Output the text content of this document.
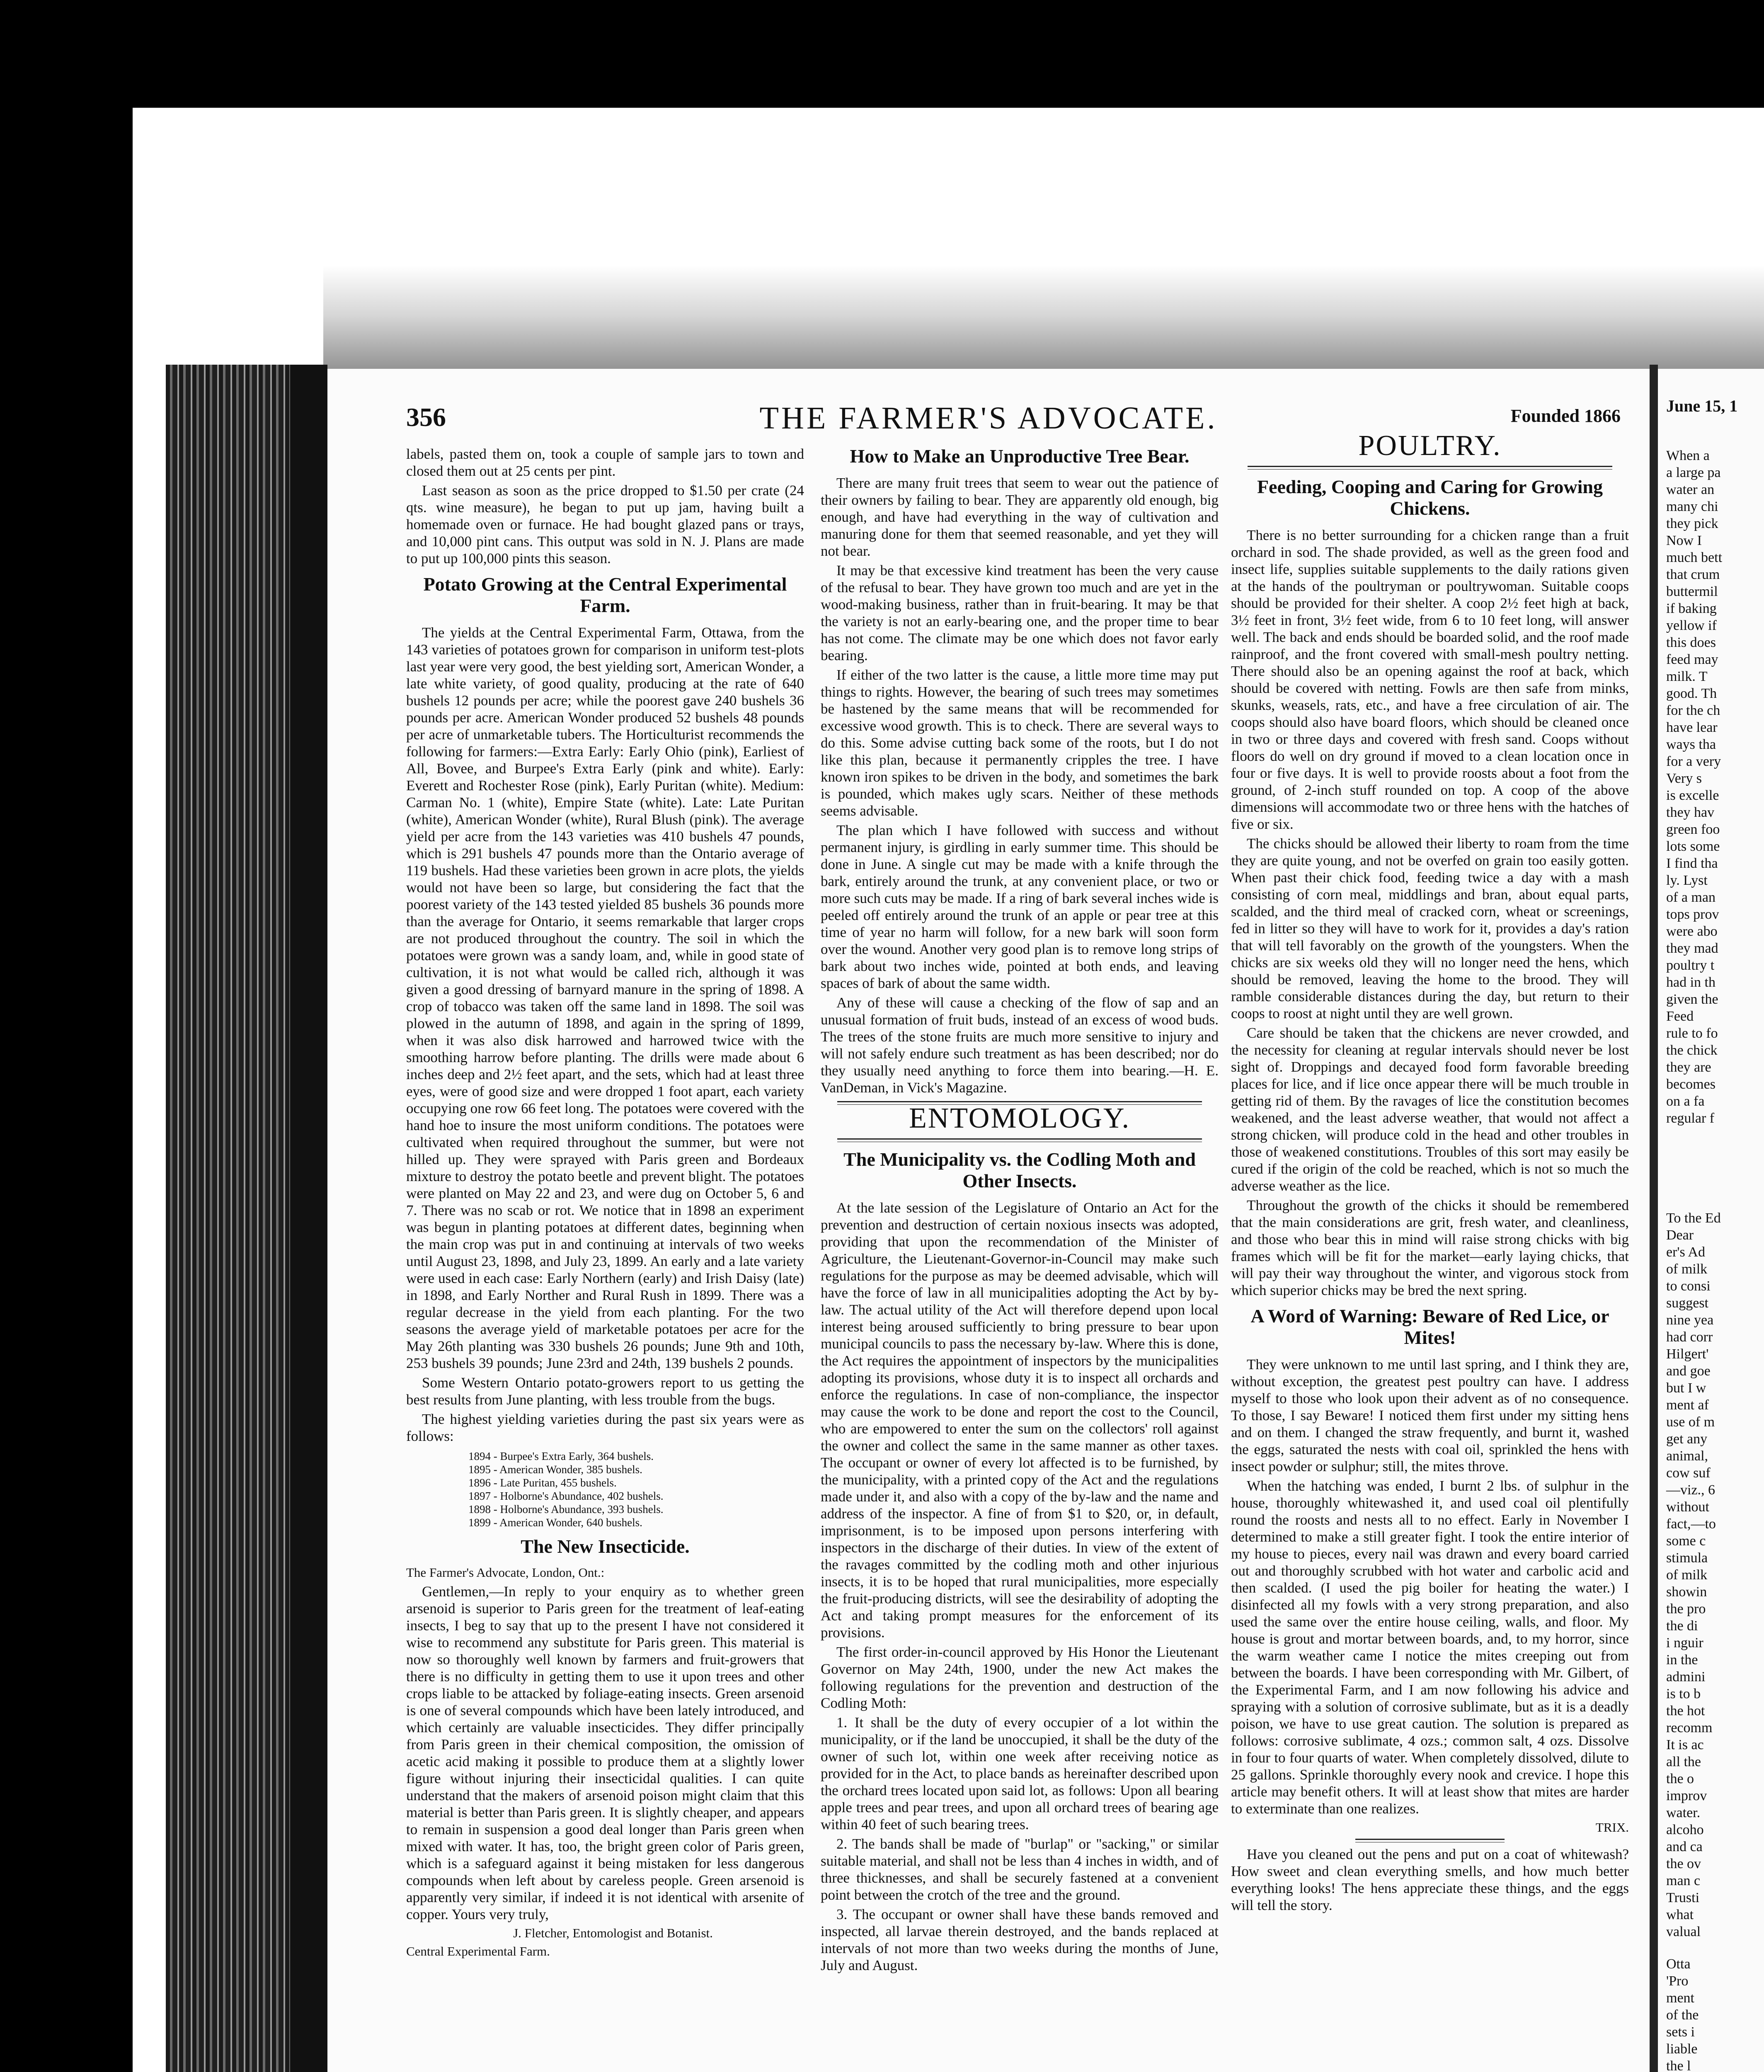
356	THE FARMER'S ADVOCATE.	Founded 1866

labels, pasted them on, took a couple of sample jars to town and closed them out at 25 cents per pint.

Last season as soon as the price dropped to $1.50 per crate (24 qts. wine measure), he began to put up jam, having built a homemade oven or furnace. He had bought glazed pans or trays, and 10,000 pint cans. This output was sold in N. J. Plans are made to put up 100,000 pints this season.

Potato Growing at the Central Experimental Farm.

The yields at the Central Experimental Farm, Ottawa, from the 143 varieties of potatoes grown for comparison in uniform test-plots last year were very good, the best yielding sort, American Wonder, a late white variety, of good quality, producing at the rate of 640 bushels 12 pounds per acre; while the poorest gave 240 bushels 36 pounds per acre. American Wonder produced 52 bushels 48 pounds per acre of unmarketable tubers. The Horticulturist recommends the following for farmers:—Extra Early: Early Ohio (pink), Earliest of All, Bovee, and Burpee's Extra Early (pink and white). Early: Everett and Rochester Rose (pink), Early Puritan (white). Medium: Carman No. 1 (white), Empire State (white). Late: Late Puritan (white), American Wonder (white), Rural Blush (pink). The average yield per acre from the 143 varieties was 410 bushels 47 pounds, which is 291 bushels 47 pounds more than the Ontario average of 119 bushels. Had these varieties been grown in acre plots, the yields would not have been so large, but considering the fact that the poorest variety of the 143 tested yielded 85 bushels 36 pounds more than the average for Ontario, it seems remarkable that larger crops are not produced throughout the country. The soil in which the potatoes were grown was a sandy loam, and, while in good state of cultivation, it is not what would be called rich, although it was given a good dressing of barnyard manure in the spring of 1898. A crop of tobacco was taken off the same land in 1898. The soil was plowed in the autumn of 1898, and again in the spring of 1899, when it was also disk harrowed and harrowed twice with the smoothing harrow before planting. The drills were made about 6 inches deep and 2½ feet apart, and the sets, which had at least three eyes, were of good size and were dropped 1 foot apart, each variety occupying one row 66 feet long. The potatoes were covered with the hand hoe to insure the most uniform conditions. The potatoes were cultivated when required throughout the summer, but were not hilled up. They were sprayed with Paris green and Bordeaux mixture to destroy the potato beetle and prevent blight. The potatoes were planted on May 22 and 23, and were dug on October 5, 6 and 7. There was no scab or rot. We notice that in 1898 an experiment was begun in planting potatoes at different dates, beginning when the main crop was put in and continuing at intervals of two weeks until August 23, 1898, and July 23, 1899. An early and a late variety were used in each case: Early Northern (early) and Irish Daisy (late) in 1898, and Early Norther and Rural Rush in 1899. There was a regular decrease in the yield from each planting. For the two seasons the average yield of marketable potatoes per acre for the May 26th planting was 330 bushels 26 pounds; June 9th and 10th, 253 bushels 39 pounds; June 23rd and 24th, 139 bushels 2 pounds.

Some Western Ontario potato-growers report to us getting the best results from June planting, with less trouble from the bugs.

The highest yielding varieties during the past six years were as follows:

1894 - Burpee's Extra Early, 364 bushels.
1895 - American Wonder, 385 bushels.
1896 - Late Puritan, 455 bushels.
1897 - Holborne's Abundance, 402 bushels.
1898 - Holborne's Abundance, 393 bushels.
1899 - American Wonder, 640 bushels.
The New Insecticide.

The Farmer's Advocate, London, Ont.:

Gentlemen,—In reply to your enquiry as to whether green arsenoid is superior to Paris green for the treatment of leaf-eating insects, I beg to say that up to the present I have not considered it wise to recommend any substitute for Paris green. This material is now so thoroughly well known by farmers and fruit-growers that there is no difficulty in getting them to use it upon trees and other crops liable to be attacked by foliage-eating insects. Green arsenoid is one of several compounds which have been lately introduced, and which certainly are valuable insecticides. They differ principally from Paris green in their chemical composition, the omission of acetic acid making it possible to produce them at a slightly lower figure without injuring their insecticidal qualities. I can quite understand that the makers of arsenoid poison might claim that this material is better than Paris green. It is slightly cheaper, and appears to remain in suspension a good deal longer than Paris green when mixed with water. It has, too, the bright green color of Paris green, which is a safeguard against it being mistaken for less dangerous compounds when left about by careless people. Green arsenoid is apparently very similar, if indeed it is not identical with arsenite of copper. Yours very truly,

J. Fletcher, Entomologist and Botanist.

Central Experimental Farm.

How to Make an Unproductive Tree Bear.

There are many fruit trees that seem to wear out the patience of their owners by failing to bear. They are apparently old enough, big enough, and have had everything in the way of cultivation and manuring done for them that seemed reasonable, and yet they will not bear.

It may be that excessive kind treatment has been the very cause of the refusal to bear. They have grown too much and are yet in the wood-making business, rather than in fruit-bearing. It may be that the variety is not an early-bearing one, and the proper time to bear has not come. The climate may be one which does not favor early bearing.

If either of the two latter is the cause, a little more time may put things to rights. However, the bearing of such trees may sometimes be hastened by the same means that will be recommended for excessive wood growth. This is to check. There are several ways to do this. Some advise cutting back some of the roots, but I do not like this plan, because it permanently cripples the tree. I have known iron spikes to be driven in the body, and sometimes the bark is pounded, which makes ugly scars. Neither of these methods seems advisable.

The plan which I have followed with success and without permanent injury, is girdling in early summer time. This should be done in June. A single cut may be made with a knife through the bark, entirely around the trunk, at any convenient place, or two or more such cuts may be made. If a ring of bark several inches wide is peeled off entirely around the trunk of an apple or pear tree at this time of year no harm will follow, for a new bark will soon form over the wound. Another very good plan is to remove long strips of bark about two inches wide, pointed at both ends, and leaving spaces of bark of about the same width.

Any of these will cause a checking of the flow of sap and an unusual formation of fruit buds, instead of an excess of wood buds. The trees of the stone fruits are much more sensitive to injury and will not safely endure such treatment as has been described; nor do they usually need anything to force them into bearing.—H. E. VanDeman, in Vick's Magazine.

ENTOMOLOGY.
The Municipality vs. the Codling Moth and Other Insects.

At the late session of the Legislature of Ontario an Act for the prevention and destruction of certain noxious insects was adopted, providing that upon the recommendation of the Minister of Agriculture, the Lieutenant-Governor-in-Council may make such regulations for the purpose as may be deemed advisable, which will have the force of law in all municipalities adopting the Act by by-law. The actual utility of the Act will therefore depend upon local interest being aroused sufficiently to bring pressure to bear upon municipal councils to pass the necessary by-law. Where this is done, the Act requires the appointment of inspectors by the municipalities adopting its provisions, whose duty it is to inspect all orchards and enforce the regulations. In case of non-compliance, the inspector may cause the work to be done and report the cost to the Council, who are empowered to enter the sum on the collectors' roll against the owner and collect the same in the same manner as other taxes. The occupant or owner of every lot affected is to be furnished, by the municipality, with a printed copy of the Act and the regulations made under it, and also with a copy of the by-law and the name and address of the inspector. A fine of from $1 to $20, or, in default, imprisonment, is to be imposed upon persons interfering with inspectors in the discharge of their duties. In view of the extent of the ravages committed by the codling moth and other injurious insects, it is to be hoped that rural municipalities, more especially the fruit-producing districts, will see the desirability of adopting the Act and taking prompt measures for the enforcement of its provisions.

The first order-in-council approved by His Honor the Lieutenant Governor on May 24th, 1900, under the new Act makes the following regulations for the prevention and destruction of the Codling Moth:

1. It shall be the duty of every occupier of a lot within the municipality, or if the land be unoccupied, it shall be the duty of the owner of such lot, within one week after receiving notice as provided for in the Act, to place bands as hereinafter described upon the orchard trees located upon said lot, as follows: Upon all bearing apple trees and pear trees, and upon all orchard trees of bearing age within 40 feet of such bearing trees.

2. The bands shall be made of "burlap" or "sacking," or similar suitable material, and shall not be less than 4 inches in width, and of three thicknesses, and shall be securely fastened at a convenient point between the crotch of the tree and the ground.

3. The occupant or owner shall have these bands removed and inspected, all larvae therein destroyed, and the bands replaced at intervals of not more than two weeks during the months of June, July and August.

POULTRY.
Feeding, Cooping and Caring for Growing Chickens.

There is no better surrounding for a chicken range than a fruit orchard in sod. The shade provided, as well as the green food and insect life, supplies suitable supplements to the daily rations given at the hands of the poultryman or poultrywoman. Suitable coops should be provided for their shelter. A coop 2½ feet high at back, 3½ feet in front, 3½ feet wide, from 6 to 10 feet long, will answer well. The back and ends should be boarded solid, and the roof made rainproof, and the front covered with small-mesh poultry netting. There should also be an opening against the roof at back, which should be covered with netting. Fowls are then safe from minks, skunks, weasels, rats, etc., and have a free circulation of air. The coops should also have board floors, which should be cleaned once in two or three days and covered with fresh sand. Coops without floors do well on dry ground if moved to a clean location once in four or five days. It is well to provide roosts about a foot from the ground, of 2-inch stuff rounded on top. A coop of the above dimensions will accommodate two or three hens with the hatches of five or six.

The chicks should be allowed their liberty to roam from the time they are quite young, and not be overfed on grain too easily gotten. When past their chick food, feeding twice a day with a mash consisting of corn meal, middlings and bran, about equal parts, scalded, and the third meal of cracked corn, wheat or screenings, fed in litter so they will have to work for it, provides a day's ration that will tell favorably on the growth of the youngsters. When the chicks are six weeks old they will no longer need the hens, which should be removed, leaving the home to the brood. They will ramble considerable distances during the day, but return to their coops to roost at night until they are well grown.

Care should be taken that the chickens are never crowded, and the necessity for cleaning at regular intervals should never be lost sight of. Droppings and decayed food form favorable breeding places for lice, and if lice once appear there will be much trouble in getting rid of them. By the ravages of lice the constitution becomes weakened, and the least adverse weather, that would not affect a strong chicken, will produce cold in the head and other troubles in those of weakened constitutions. Troubles of this sort may easily be cured if the origin of the cold be reached, which is not so much the adverse weather as the lice.

Throughout the growth of the chicks it should be remembered that the main considerations are grit, fresh water, and cleanliness, and those who bear this in mind will raise strong chicks with big frames which will be fit for the market—early laying chicks, that will pay their way throughout the winter, and vigorous stock from which superior chicks may be bred the next spring.

A Word of Warning: Beware of Red Lice, or Mites!

They were unknown to me until last spring, and I think they are, without exception, the greatest pest poultry can have. I address myself to those who look upon their advent as of no consequence. To those, I say Beware! I noticed them first under my sitting hens and on them. I changed the straw frequently, and burnt it, washed the eggs, saturated the nests with coal oil, sprinkled the hens with insect powder or sulphur; still, the mites throve.

When the hatching was ended, I burnt 2 lbs. of sulphur in the house, thoroughly whitewashed it, and used coal oil plentifully round the roosts and nests all to no effect. Early in November I determined to make a still greater fight. I took the entire interior of my house to pieces, every nail was drawn and every board carried out and thoroughly scrubbed with hot water and carbolic acid and then scalded. (I used the pig boiler for heating the water.) I disinfected all my fowls with a very strong preparation, and also used the same over the entire house ceiling, walls, and floor. My house is grout and mortar between boards, and, to my horror, since the warm weather came I notice the mites creeping out from between the boards. I have been corresponding with Mr. Gilbert, of the Experimental Farm, and I am now following his advice and spraying with a solution of corrosive sublimate, but as it is a deadly poison, we have to use great caution. The solution is prepared as follows: corrosive sublimate, 4 ozs.; common salt, 4 ozs. Dissolve in four to four quarts of water. When completely dissolved, dilute to 25 gallons. Sprinkle thoroughly every nook and crevice. I hope this article may benefit others. It will at least show that mites are harder to exterminate than one realizes.

TRIX.

Have you cleaned out the pens and put on a coat of whitewash? How sweet and clean everything smells, and how much better everything looks! The hens appreciate these things, and the eggs will tell the story.

June 15, 1
When a
a large pa
water an
many chi
they pick
Now I
much bett
that crum
buttermil
if baking
yellow if
this does
feed may
milk. T
good. Th
for the ch
have lear
ways tha
for a very
Very s
is excelle
they hav
green foo
lots some
I find tha
ly. Lyst
of a man
tops prov
were abo
they mad
poultry t
had in th
given the
Feed
rule to fo
the chick
they are
becomes
on a fa
regular f
To the Ed
Dear
er's Ad
of milk
to consi
suggest
nine yea
had corr
Hilgert'
and goe
but I w
ment af
use of m
get any
animal,
cow suf
—viz., 6
without
fact,—to
some c
stimula
of milk
showin
the pro
the di
i nguir
in the
admini
is to b
the hot
recomm
It is ac
all the
the o
improv
water.
alcoho
and ca
the ov
man c
Trusti
what
valual
Otta
'Pro
ment
of the
sets i
liable
the l
